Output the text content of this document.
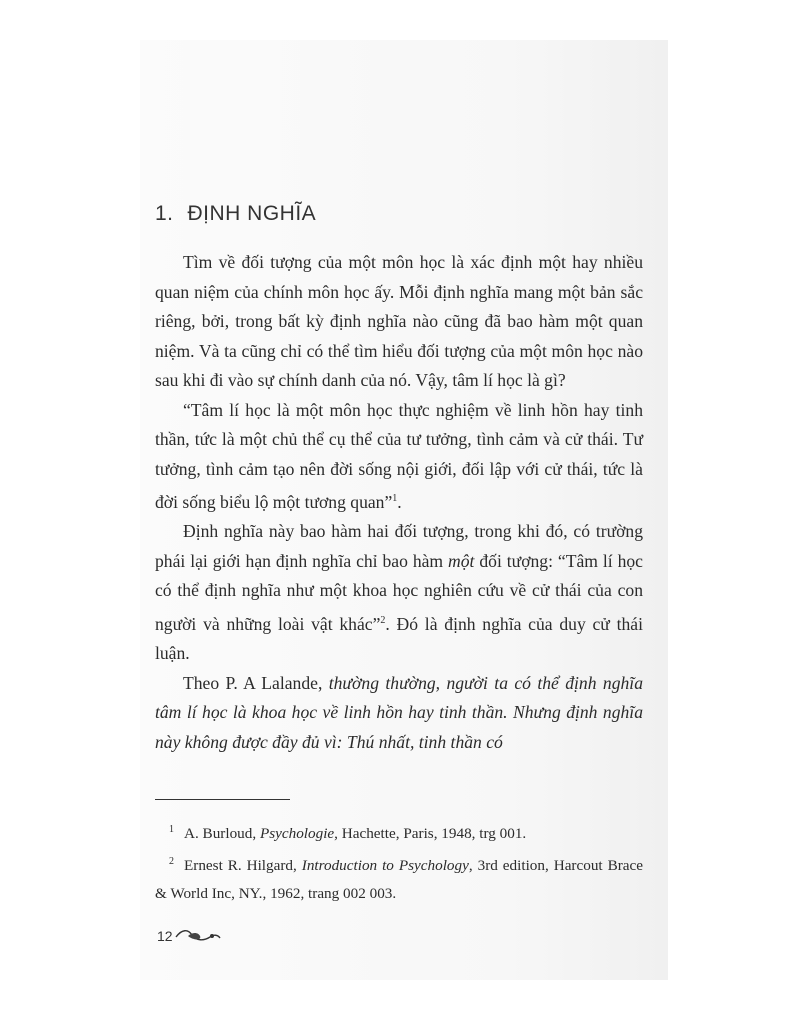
1. ĐỊNH NGHĨA

Tìm về đối tượng của một môn học là xác định một hay nhiều quan niệm của chính môn học ấy. Mỗi định nghĩa mang một bản sắc riêng, bởi, trong bất kỳ định nghĩa nào cũng đã bao hàm một quan niệm. Và ta cũng chỉ có thể tìm hiểu đối tượng của một môn học nào sau khi đi vào sự chính danh của nó. Vậy, tâm lí học là gì?

“Tâm lí học là một môn học thực nghiệm về linh hồn hay tinh thần, tức là một chủ thể cụ thể của tư tưởng, tình cảm và cử thái. Tư tưởng, tình cảm tạo nên đời sống nội giới, đối lập với cử thái, tức là đời sống biểu lộ một tương quan”$^1$.

Định nghĩa này bao hàm hai đối tượng, trong khi đó, có trường phái lại giới hạn định nghĩa chỉ bao hàm một đối tượng: “Tâm lí học có thể định nghĩa như một khoa học nghiên cứu về cử thái của con người và những loài vật khác”$^2$. Đó là định nghĩa của duy cử thái luận.

Theo P. A Lalande, thường thường, người ta có thể định nghĩa tâm lí học là khoa học về linh hồn hay tinh thần. Nhưng định nghĩa này không được đầy đủ vì: Thú nhất, tinh thần có

$^1$ A. Burloud, Psychologie, Hachette, Paris, 1948, trg 001.
$^2$ Ernest R. Hilgard, Introduction to Psychology, 3rd edition, Harcout Brace & World Inc, NY., 1962, trang 002 003.
12
